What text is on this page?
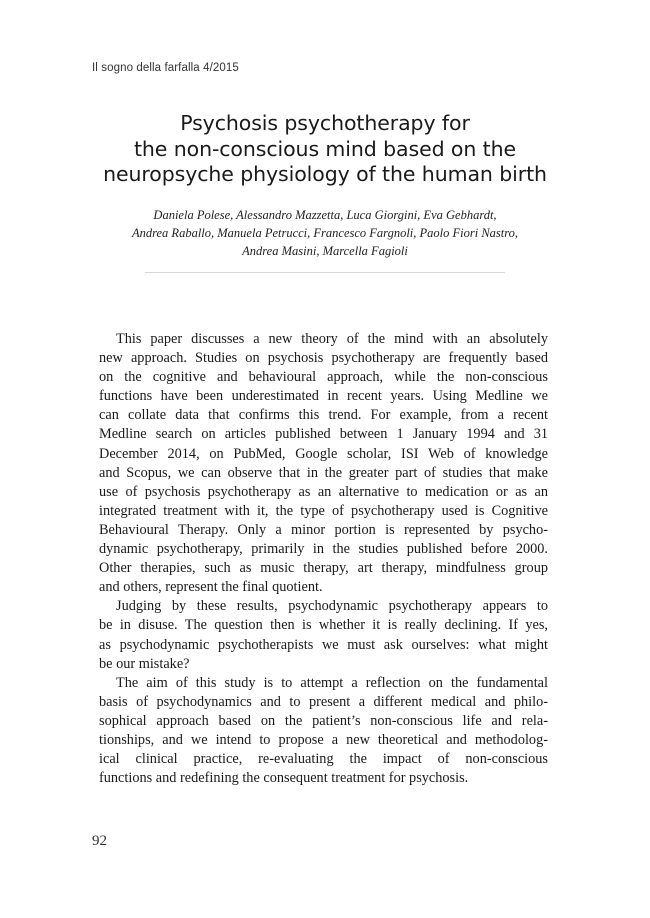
Il sogno della farfalla 4/2015
Psychosis psychotherapy for
the non-conscious mind based on the
neuropsyche physiology of the human birth
Daniela Polese, Alessandro Mazzetta, Luca Giorgini, Eva Gebhardt,
Andrea Raballo, Manuela Petrucci, Francesco Fargnoli, Paolo Fiori Nastro,
Andrea Masini, Marcella Fagioli
This paper discusses a new theory of the mind with an absolutely
new approach. Studies on psychosis psychotherapy are frequently based
on the cognitive and behavioural approach, while the non-conscious
functions have been underestimated in recent years. Using Medline we
can collate data that confirms this trend. For example, from a recent
Medline search on articles published between 1 January 1994 and 31
December 2014, on PubMed, Google scholar, ISI Web of knowledge
and Scopus, we can observe that in the greater part of studies that make
use of psychosis psychotherapy as an alternative to medication or as an
integrated treatment with it, the type of psychotherapy used is Cognitive
Behavioural Therapy. Only a minor portion is represented by psycho-
dynamic psychotherapy, primarily in the studies published before 2000.
Other therapies, such as music therapy, art therapy, mindfulness group
and others, represent the final quotient.
Judging by these results, psychodynamic psychotherapy appears to
be in disuse. The question then is whether it is really declining. If yes,
as psychodynamic psychotherapists we must ask ourselves: what might
be our mistake?
The aim of this study is to attempt a reflection on the fundamental
basis of psychodynamics and to present a different medical and philo-
sophical approach based on the patient’s non-conscious life and rela-
tionships, and we intend to propose a new theoretical and methodolog-
ical clinical practice, re-evaluating the impact of non-conscious
functions and redefining the consequent treatment for psychosis.
92
